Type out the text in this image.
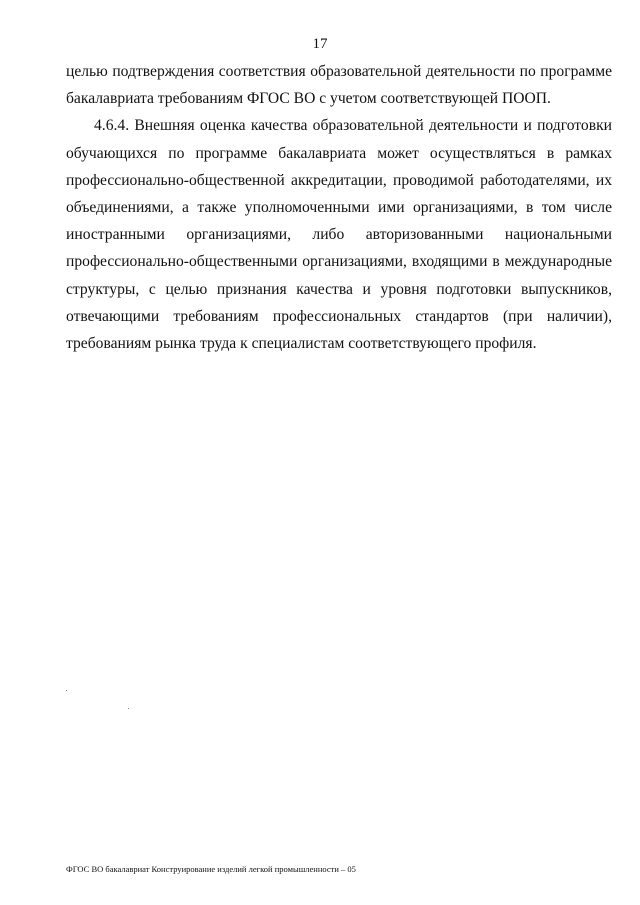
17

целью подтверждения соответствия образовательной деятельности по программе
бакалавриата требованиям ФГОС ВО с учетом соответствующей ПООП.

4.6.4. Внешняя оценка качества образовательной деятельности и подготовки
обучающихся по программе бакалавриата может осуществляться в рамках
профессионально-общественной аккредитации, проводимой работодателями, их
объединениями, а также уполномоченными ими организациями, в том числе
иностранными организациями, либо авторизованными национальными
профессионально-общественными организациями, входящими в международные
структуры, с целью признания качества и уровня подготовки выпускников,
отвечающими требованиям профессиональных стандартов (при наличии),
требованиям рынка труда к специалистам соответствующего профиля.

ФГОС ВО бакалавриат Конструирование изделий легкой промышленности – 05
